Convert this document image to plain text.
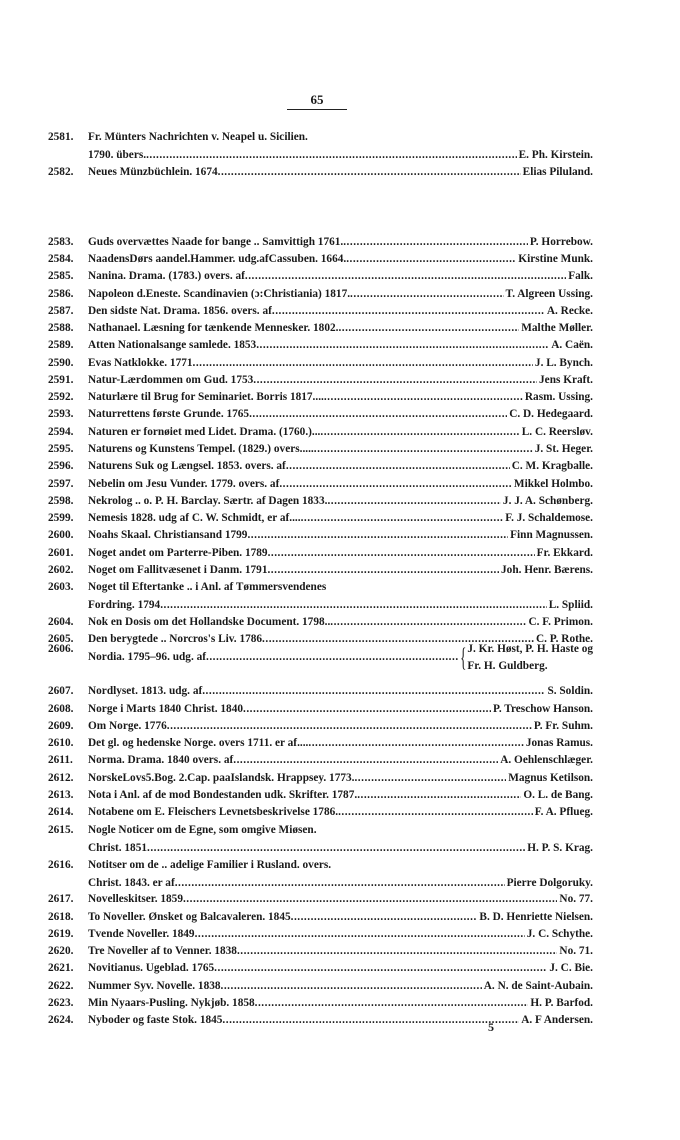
65
2581. Fr. Münters Nachrichten v. Neapel u. Sicilien.
1790. übers. .....	E. Ph. Kirstein.
2582. Neues Münzbüchlein. 1674 .....	Elias Piluland.
2583. Guds overvættes Naade for bange .. Samvittigh 1761. .....	P. Horrebow.
2584. NaadensDørs aandel.Hammer. udg.afCassuben. 1664. .....	Kirstine Munk.
2585. Nanina. Drama. (1783.) overs. af .....	Falk.
2586. Napoleon d.Eneste. Scandinavien (ɔ:Christiania) 1817. .....	T. Algreen Ussing.
2587. Den sidste Nat. Drama. 1856. overs. af .....	A. Recke.
2588. Nathanael. Læsning for tænkende Mennesker. 1802. .....	Malthe Møller.
2589. Atten Nationalsange samlede. 1853 .....	A. Caën.
2590. Evas Natklokke. 1771 .....	J. L. Bynch.
2591. Natur-Lærdommen om Gud. 1753 .....	Jens Kraft.
2592. Naturlære til Brug for Seminariet. Borris 1817.... .....	Rasm. Ussing.
2593. Naturrettens første Grunde. 1765 .....	C. D. Hedegaard.
2594. Naturen er fornøiet med Lidet. Drama. (1760.)... .....	L. C. Reersløv.
2595. Naturens og Kunstens Tempel. (1829.) overs..... .....	J. St. Heger.
2596. Naturens Suk og Længsel. 1853. overs. af .....	C. M. Kragballe.
2597. Nebelin om Jesu Vunder. 1779. overs. af .....	Mikkel Holmbo.
2598. Nekrolog .. o. P. H. Barclay. Særtr. af Dagen 1833. .....	J. J. A. Schønberg.
2599. Nemesis 1828. udg af C. W. Schmidt, er af.... .....	F. J. Schaldemose.
2600. Noahs Skaal. Christiansand 1799 .....	Finn Magnussen.
2601. Noget andet om Parterre-Piben. 1789 .....	Fr. Ekkard.
2602. Noget om Fallitvæsenet i Danm. 1791 .....	Joh. Henr. Bærens.
2603. Noget til Eftertanke .. i Anl. af Tømmersvendenes
Fordring. 1794 .....	L. Spliid.
2604. Nok en Dosis om det Hollandske Document. 1798.. .....	C. F. Primon.
2605. Den berygtede .. Norcros's Liv. 1786 .....	C. P. Rothe.
2606.
Nordia. 1795–96. udg. af .....	{ J. Kr. Høst, P. H. Haste og
Fr. H. Guldberg.
2607. Nordlyset. 1813. udg. af .....	S. Soldin.
2608. Norge i Marts 1840 Christ. 1840 .....	P. Treschow Hanson.
2609. Om Norge. 1776 .....	P. Fr. Suhm.
2610. Det gl. og hedenske Norge. overs 1711. er af.... .....	Jonas Ramus.
2611. Norma. Drama. 1840 overs. af .....	A. Oehlenschlæger.
2612. NorskeLovs5.Bog. 2.Cap. paaIslandsk. Hrappsey. 1773. .....	Magnus Ketilson.
2613. Nota i Anl. af de mod Bondestanden udk. Skrifter. 1787. .....	O. L. de Bang.
2614. Notabene om E. Fleischers Levnetsbeskrivelse 1786. .....	F. A. Pflueg.
2615. Nogle Noticer om de Egne, som omgive Miøsen.
Christ. 1851 .....	H. P. S. Krag.
2616. Notitser om de .. adelige Familier i Rusland. overs.
Christ. 1843. er af .....	Pierre Dolgoruky.
2617. Novelleskitser. 1859 .....	No. 77.
2618. To Noveller. Ønsket og Balcavaleren. 1845 .....	B. D. Henriette Nielsen.
2619. Tvende Noveller. 1849 .....	J. C. Schythe.
2620. Tre Noveller af to Venner. 1838 .....	No. 71.
2621. Novitianus. Ugeblad. 1765 .....	J. C. Bie.
2622. Nummer Syv. Novelle. 1838 .....	A. N. de Saint-Aubain.
2623. Min Nyaars-Pusling. Nykjøb. 1858 .....	H. P. Barfod.
2624. Nyboder og faste Stok. 1845 .....	A. F Andersen.
5
